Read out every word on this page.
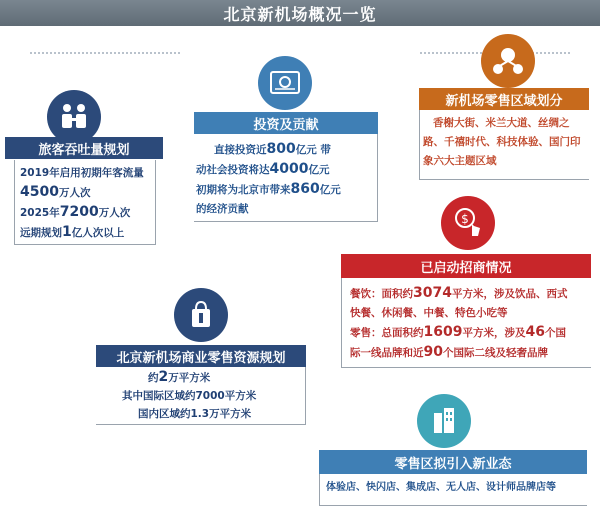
北京新机场概况一览
旅客吞吐量规划
2019年启用初期年客流量
4500万人次
2025年7200万人次
远期规划1亿人次以上
投资及贡献
直接投资近800亿元 带
动社会投资将达4000亿元
初期将为北京市带来860亿元
的经济贡献
新机场零售区域划分
香榭大街、米兰大道、丝绸之
路、千禧时代、科技体验、国门印
象六大主题区域
$
已启动招商情况
餐饮：面积约3074平方米，涉及饮品、西式
快餐、休闲餐、中餐、特色小吃等
零售：总面积约1609平方米，涉及46个国
际一线品牌和近90个国际二线及轻奢品牌
北京新机场商业零售资源规划
约2万平方米
其中国际区域约7000平方米
国内区域约1.3万平方米
零售区拟引入新业态
体验店、快闪店、集成店、无人店、设计师品牌店等
